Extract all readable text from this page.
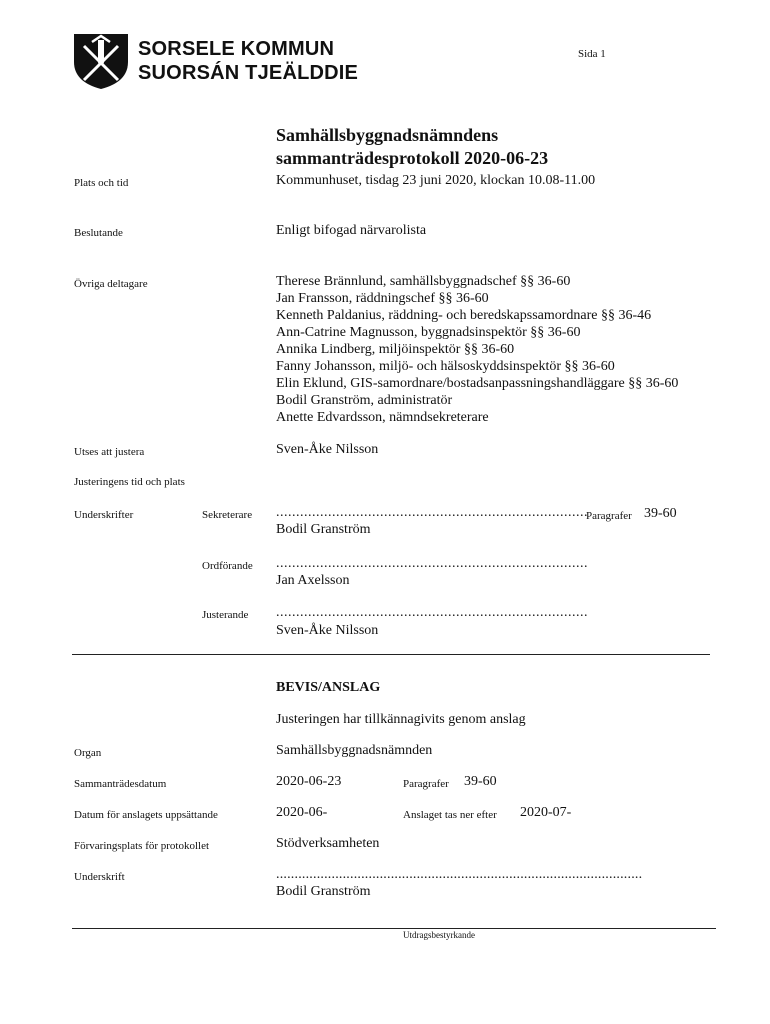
SORSELE KOMMUN
SUORSÁN TJEÄLDDIE
Sida 1
Samhällsbyggnadsnämndens
sammanträdesprotokoll 2020-06-23
Plats och tid	Kommunhuset, tisdag 23 juni 2020, klockan 10.08-11.00
Beslutande	Enligt bifogad närvarolista
Övriga deltagare	Therese Brännlund, samhällsbyggnadschef §§ 36-60
Jan Fransson, räddningschef §§ 36-60
Kenneth Paldanius, räddning- och beredskapssamordnare §§ 36-46
Ann-Catrine Magnusson, byggnadsinspektör §§ 36-60
Annika Lindberg, miljöinspektör §§ 36-60
Fanny Johansson, miljö- och hälsoskyddsinspektör §§ 36-60
Elin Eklund, GIS-samordnare/bostadsanpassningshandläggare §§ 36-60
Bodil Granström, administratör
Anette Edvardsson, nämndsekreterare
Utses att justera	Sven-Åke Nilsson
Justeringens tid och plats
Underskrifter	Sekreterare ..............................................................................
Bodil Granström
Paragrafer 39-60
Ordförande ..............................................................................
Jan Axelsson
Justerande ..............................................................................
Sven-Åke Nilsson
BEVIS/ANSLAG
Justeringen har tillkännagivits genom anslag
Organ	Samhällsbyggnadsnämnden
Sammanträdesdatum	2020-06-23	Paragrafer 39-60
Datum för anslagets uppsättande	2020-06-	Anslaget tas ner efter 2020-07-
Förvaringsplats för protokollet	Stödverksamheten
Underskrift	...................................................................................................
Bodil Granström
Utdragsbestyrkande
